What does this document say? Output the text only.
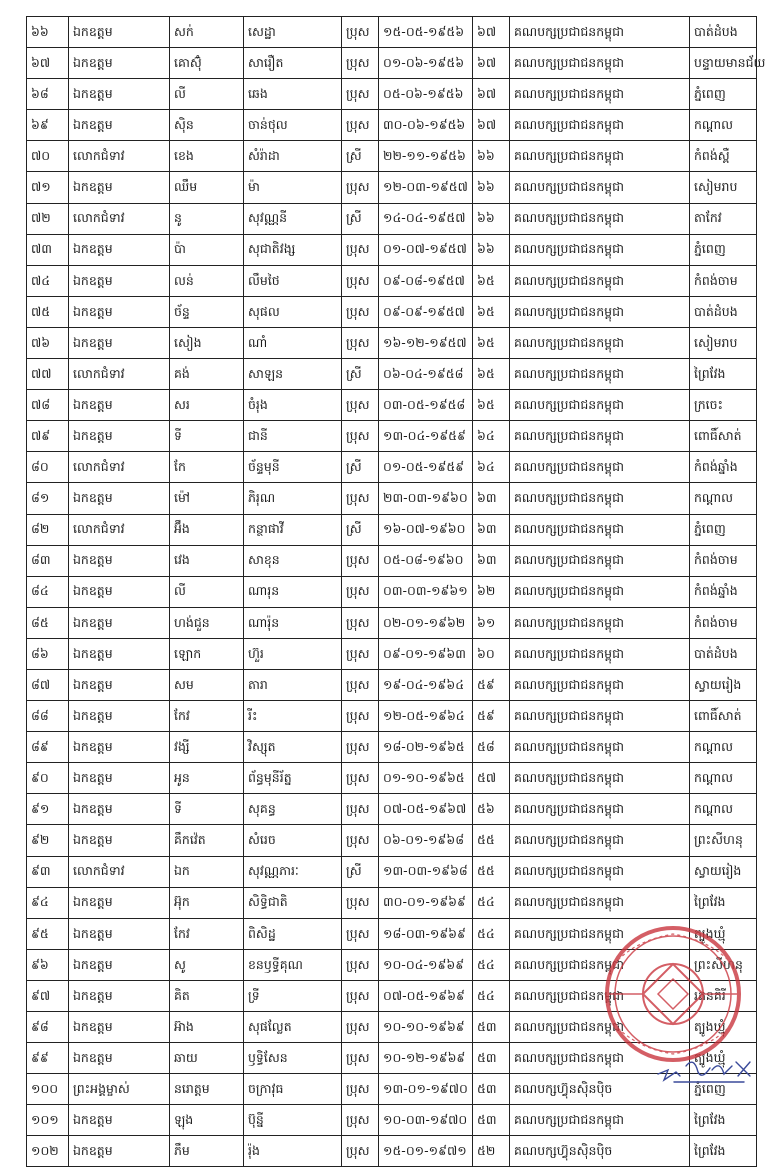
៦៦	ឯកឧត្តម	សក់	សេដ្ឋា	ប្រុស	១៥-០៥-១៩៥៦	៦៧	គណបក្សប្រជាជនកម្ពុជា	បាត់ដំបង
៦៧	ឯកឧត្តម	គោស៊ុំ	សារឿត	ប្រុស	០១-០៦-១៩៥៦	៦៧	គណបក្សប្រជាជនកម្ពុជា	បន្ទាយមានជ័យ
៦៨	ឯកឧត្តម	លី	ឆេង	ប្រុស	០៥-០៦-១៩៥៦	៦៧	គណបក្សប្រជាជនកម្ពុជា	ភ្នំពេញ
៦៩	ឯកឧត្តម	ស៊ិន	ចាន់ថុល	ប្រុស	៣០-០៦-១៩៥៦	៦៧	គណបក្សប្រជាជនកម្ពុជា	កណ្ដាល
៧០	លោកជំទាវ	ខេង	សំរ៉ាដា	ស្រី	២២-១១-១៩៥៦	៦៦	គណបក្សប្រជាជនកម្ពុជា	កំពង់ស្ពឺ
៧១	ឯកឧត្តម	ឈឹម	ម៉ា	ប្រុស	១២-០៣-១៩៥៧	៦៦	គណបក្សប្រជាជនកម្ពុជា	សៀមរាប
៧២	លោកជំទាវ	នូ	សុវណ្ណនី	ស្រី	១៤-០៤-១៩៥៧	៦៦	គណបក្សប្រជាជនកម្ពុជា	តាកែវ
៧៣	ឯកឧត្តម	ប៉ា	សុជាតិវង្ស	ប្រុស	០១-០៧-១៩៥៧	៦៦	គណបក្សប្រជាជនកម្ពុជា	ភ្នំពេញ
៧៤	ឯកឧត្តម	លន់	លឹមថៃ	ប្រុស	០៩-០៨-១៩៥៧	៦៥	គណបក្សប្រជាជនកម្ពុជា	កំពង់ចាម
៧៥	ឯកឧត្តម	ច័ន្ទ	សុផល	ប្រុស	០៩-០៩-១៩៥៧	៦៥	គណបក្សប្រជាជនកម្ពុជា	បាត់ដំបង
៧៦	ឯកឧត្តម	សៀង	ណាំ	ប្រុស	១៦-១២-១៩៥៧	៦៥	គណបក្សប្រជាជនកម្ពុជា	សៀមរាប
៧៧	លោកជំទាវ	គង់	សាឡន	ស្រី	០៦-០៤-១៩៥៨	៦៥	គណបក្សប្រជាជនកម្ពុជា	ព្រៃវែង
៧៨	ឯកឧត្តម	សរ	ចំរុង	ប្រុស	០៣-០៥-១៩៥៨	៦៥	គណបក្សប្រជាជនកម្ពុជា	ក្រចេះ
៧៩	ឯកឧត្តម	ទី	ជានី	ប្រុស	១៣-០៤-១៩៥៩	៦៤	គណបក្សប្រជាជនកម្ពុជា	ពោធិ៍សាត់
៨០	លោកជំទាវ	កែ	ច័ន្ទមុនី	ស្រី	០១-០៥-១៩៥៩	៦៤	គណបក្សប្រជាជនកម្ពុជា	កំពង់ឆ្នាំង
៨១	ឯកឧត្តម	ម៉ៅ	ភិរុណ	ប្រុស	២៣-០៣-១៩៦០	៦៣	គណបក្សប្រជាជនកម្ពុជា	កណ្ដាល
៨២	លោកជំទាវ	អ៊ឹង	កន្ថាផាវី	ស្រី	១៦-០៧-១៩៦០	៦៣	គណបក្សប្រជាជនកម្ពុជា	ភ្នំពេញ
៨៣	ឯកឧត្តម	វេង	សាខុន	ប្រុស	០៥-០៨-១៩៦០	៦៣	គណបក្សប្រជាជនកម្ពុជា	កំពង់ចាម
៨៤	ឯកឧត្តម	លី	ណារុន	ប្រុស	០៣-០៣-១៩៦១	៦២	គណបក្សប្រជាជនកម្ពុជា	កំពង់ឆ្នាំង
៨៥	ឯកឧត្តម	ហង់ជួន	ណារ៉ុន	ប្រុស	០២-០១-១៩៦២	៦១	គណបក្សប្រជាជនកម្ពុជា	កំពង់ចាម
៨៦	ឯកឧត្តម	ឡោក	ហ៊ួរ	ប្រុស	០៩-០១-១៩៦៣	៦០	គណបក្សប្រជាជនកម្ពុជា	បាត់ដំបង
៨៧	ឯកឧត្តម	សម	តារា	ប្រុស	១៩-០៤-១៩៦៤	៥៩	គណបក្សប្រជាជនកម្ពុជា	ស្វាយរៀង
៨៨	ឯកឧត្តម	កែវ	រីះ	ប្រុស	១២-០៥-១៩៦៤	៥៩	គណបក្សប្រជាជនកម្ពុជា	ពោធិ៍សាត់
៨៩	ឯកឧត្តម	វង្សី	វិស្សុត	ប្រុស	១៨-០២-១៩៦៥	៥៨	គណបក្សប្រជាជនកម្ពុជា	កណ្ដាល
៩០	ឯកឧត្តម	អូន	ព័ន្ធមុនីរ័ត្ន	ប្រុស	០១-១០-១៩៦៥	៥៧	គណបក្សប្រជាជនកម្ពុជា	កណ្ដាល
៩១	ឯកឧត្តម	ទី	សុគន្ធ	ប្រុស	០៧-០៥-១៩៦៧	៥៦	គណបក្សប្រជាជនកម្ពុជា	កណ្ដាល
៩២	ឯកឧត្តម	គឹកវ៉េត	សំរេច	ប្រុស	០៦-០១-១៩៦៨	៥៥	គណបក្សប្រជាជនកម្ពុជា	ព្រះសីហនុ
៩៣	លោកជំទាវ	ឯក	សុវណ្ណភារៈ	ស្រី	១៣-០៣-១៩៦៨	៥៥	គណបក្សប្រជាជនកម្ពុជា	ស្វាយរៀង
៩៤	ឯកឧត្តម	អ៊ុក	សិទ្ធិជាតិ	ប្រុស	៣០-០១-១៩៦៩	៥៤	គណបក្សប្រជាជនកម្ពុជា	ព្រៃវែង
៩៥	ឯកឧត្តម	កែវ	ពិសិដ្ឋ	ប្រុស	១៨-០៣-១៩៦៩	៥៤	គណបក្សប្រជាជនកម្ពុជា	ត្បូងឃ្មុំ
៩៦	ឯកឧត្តម	សូ	ខនឫទ្ធីគុណ	ប្រុស	១០-០៤-១៩៦៩	៥៤	គណបក្សប្រជាជនកម្ពុជា	ព្រះសីហនុ
៩៧	ឯកឧត្តម	គិត	ទ្រី	ប្រុស	០៧-០៥-១៩៦៩	៥៤	គណបក្សប្រជាជនកម្ពុជា	រតនគិរី
៩៨	ឯកឧត្តម	អ៊ាង	សុផល្លែត	ប្រុស	១០-១០-១៩៦៩	៥៣	គណបក្សប្រជាជនកម្ពុជា	ត្បូងឃ្មុំ
៩៩	ឯកឧត្តម	ឆាយ	ឫទ្ធិសែន	ប្រុស	១០-១២-១៩៦៩	៥៣	គណបក្សប្រជាជនកម្ពុជា	ត្បូងឃ្មុំ
១០០	ព្រះអង្គម្ចាស់	នរោត្តម	ចក្រាវុធ	ប្រុស	១៣-០១-១៩៧០	៥៣	គណបក្សហ៊្វុនស៊ិនប៉ិច	ភ្នំពេញ
១០១	ឯកឧត្តម	ឡុង	ប៊ុន្នី	ប្រុស	១០-០៣-១៩៧០	៥៣	គណបក្សប្រជាជនកម្ពុជា	ព្រៃវែង
១០២	ឯកឧត្តម	ភឹម	រ៉ុង	ប្រុស	១៥-០១-១៩៧១	៥២	គណបក្សហ៊្វុនស៊ិនប៉ិច	ព្រៃវែង
